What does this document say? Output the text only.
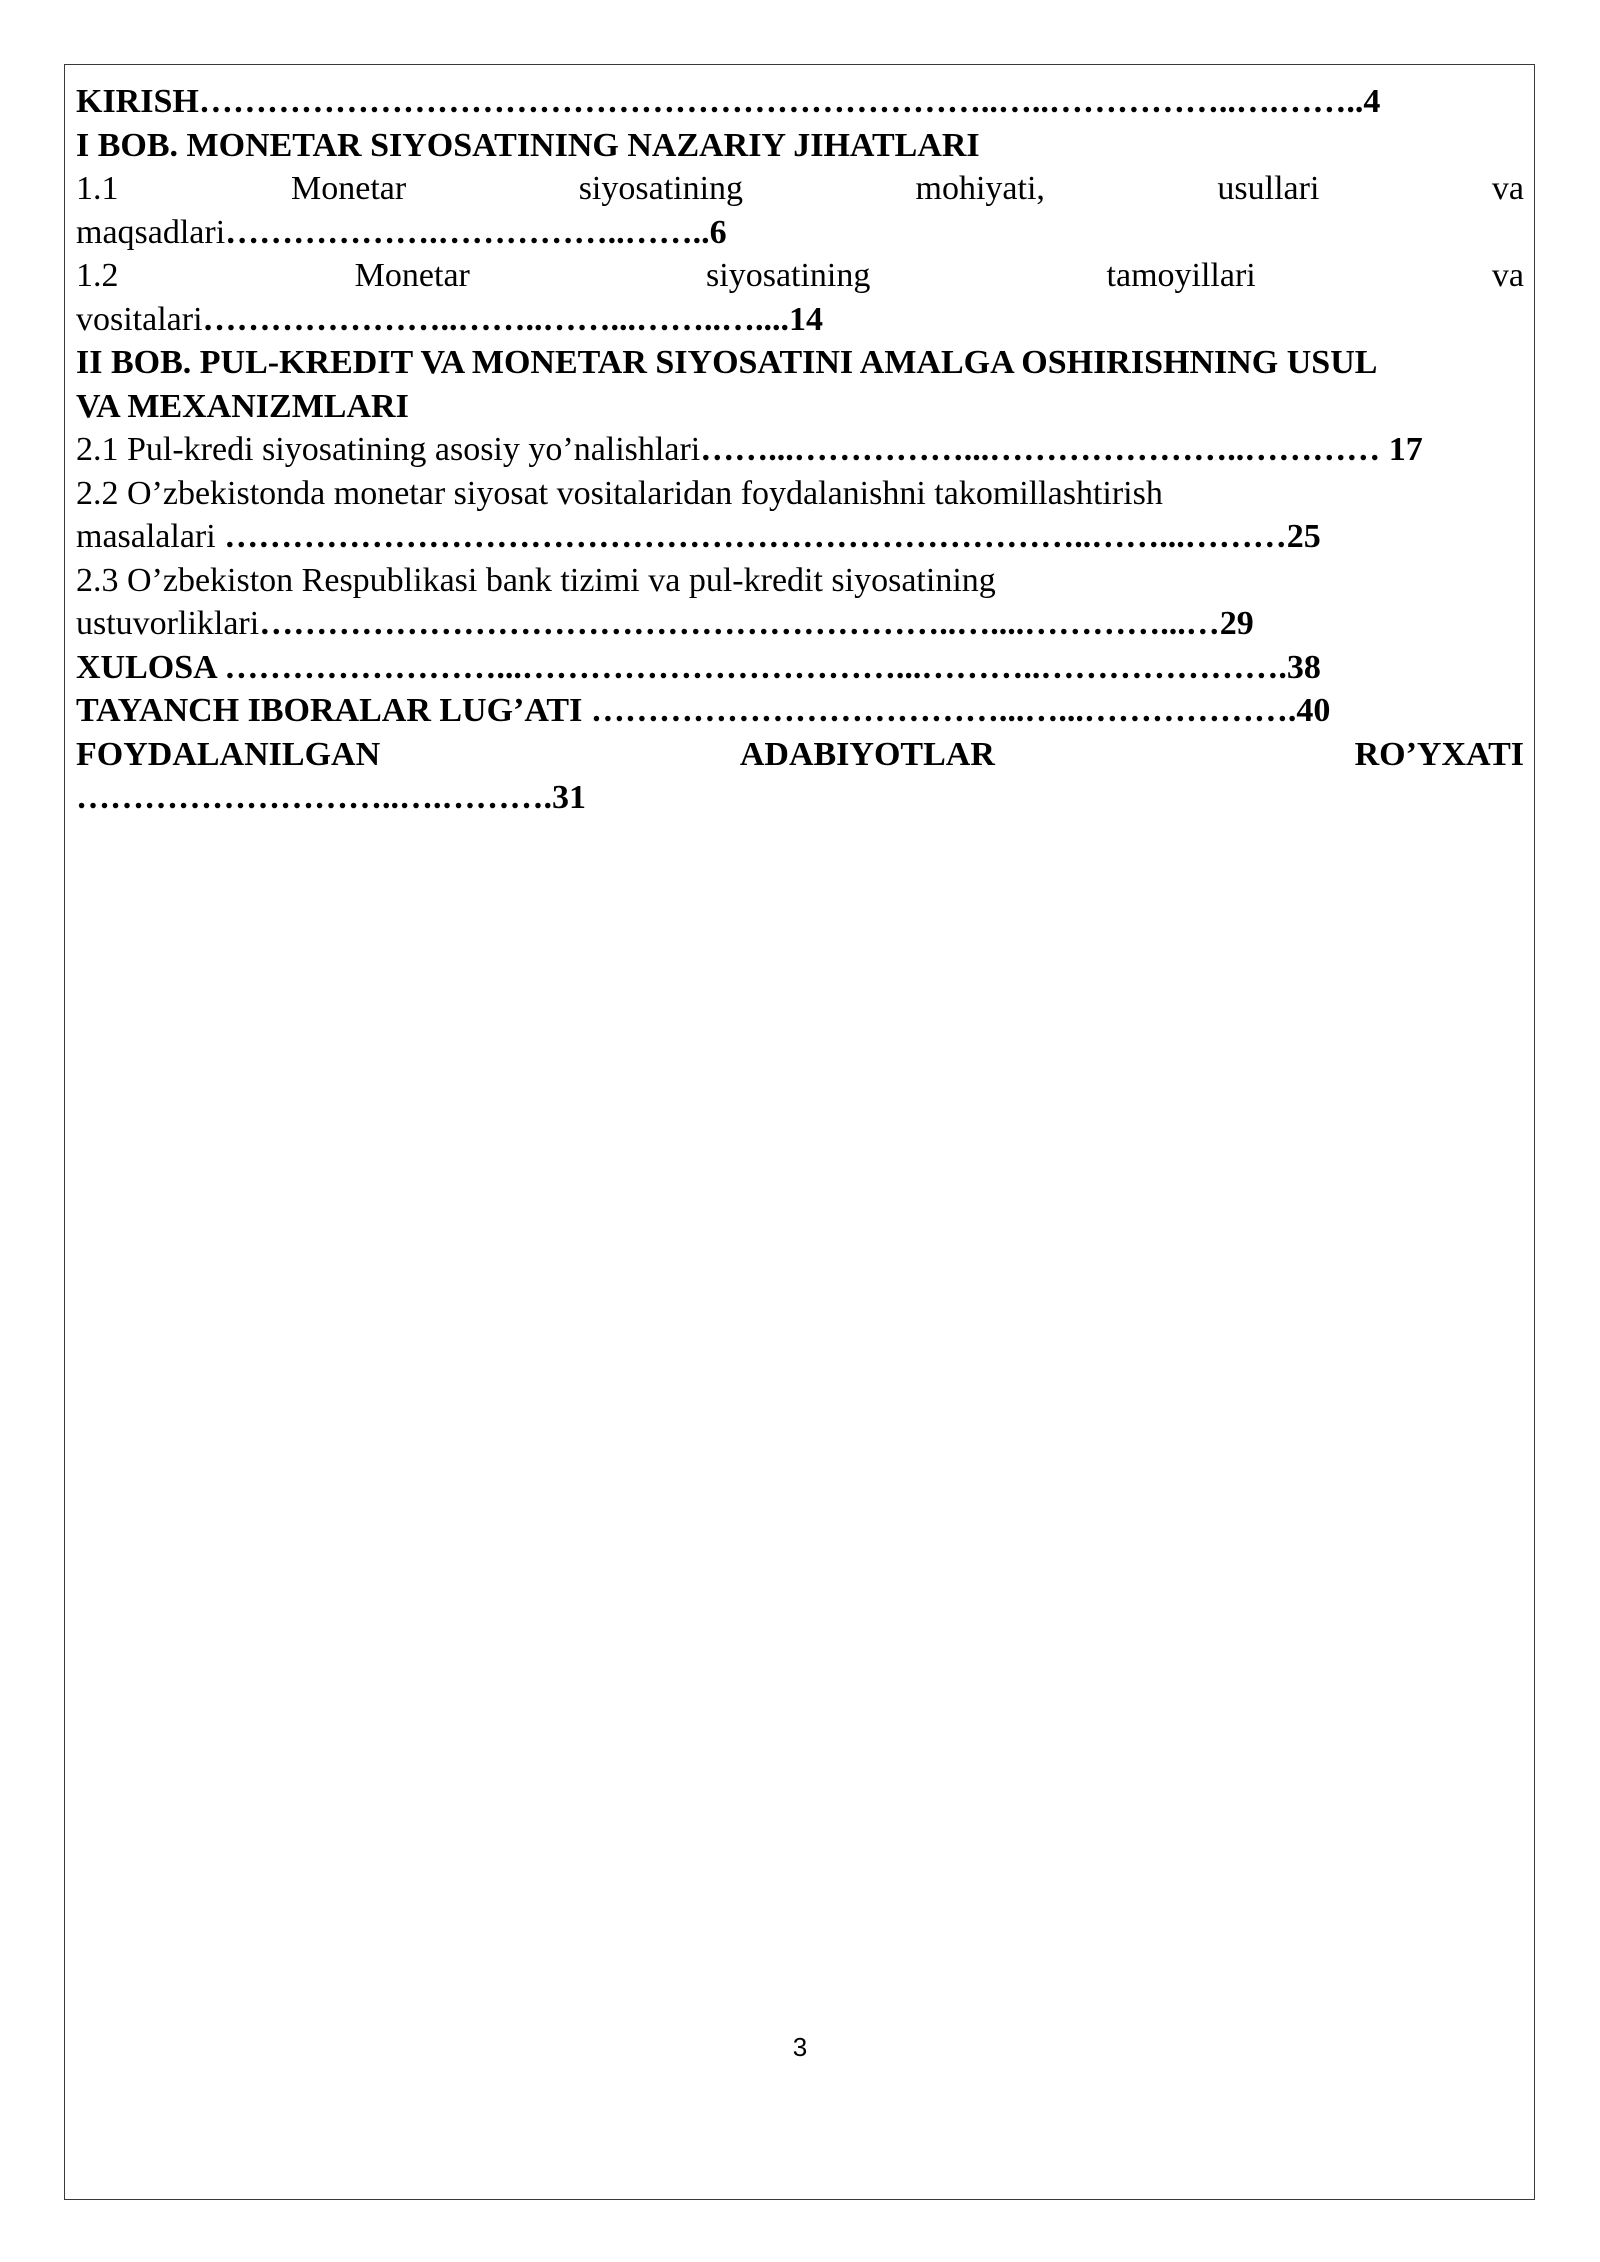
KIRISH……………………………………………………………..…..……………..….……..4
I BOB. MONETAR SIYOSATINING NAZARIY JIHATLARI
1.1	Monetar	siyosatining	mohiyati,	usullari	va
maqsadlari……………….……………..……..6
1.2	Monetar	siyosatining	tamoyillari	va
vositalari…………………..……..……...……..…....14
II BOB. PUL-KREDIT VA MONETAR SIYOSATINI AMALGA OSHIRISHNING USUL
VA MEXANIZMLARI
2.1 Pul-kredi siyosatining asosiy yo’nalishlari……...……………...…………………..………… 17
2.2 O’zbekistonda monetar siyosat vositalaridan foydalanishni takomillashtirish
masalalari …………………………………………………………………..……...………25
2.3 O’zbekiston Respublikasi bank tizimi va pul-kredit siyosatining
ustuvorliklari……………………………………………………..…....…………...…29
XULOSA ……………………...……………………………...………..………………….38
TAYANCH IBORALAR LUG’ATI ………………………………...…...……………….40
FOYDALANILGAN	ADABIYOTLAR	RO’YXATI
………………………..….……….31
3
